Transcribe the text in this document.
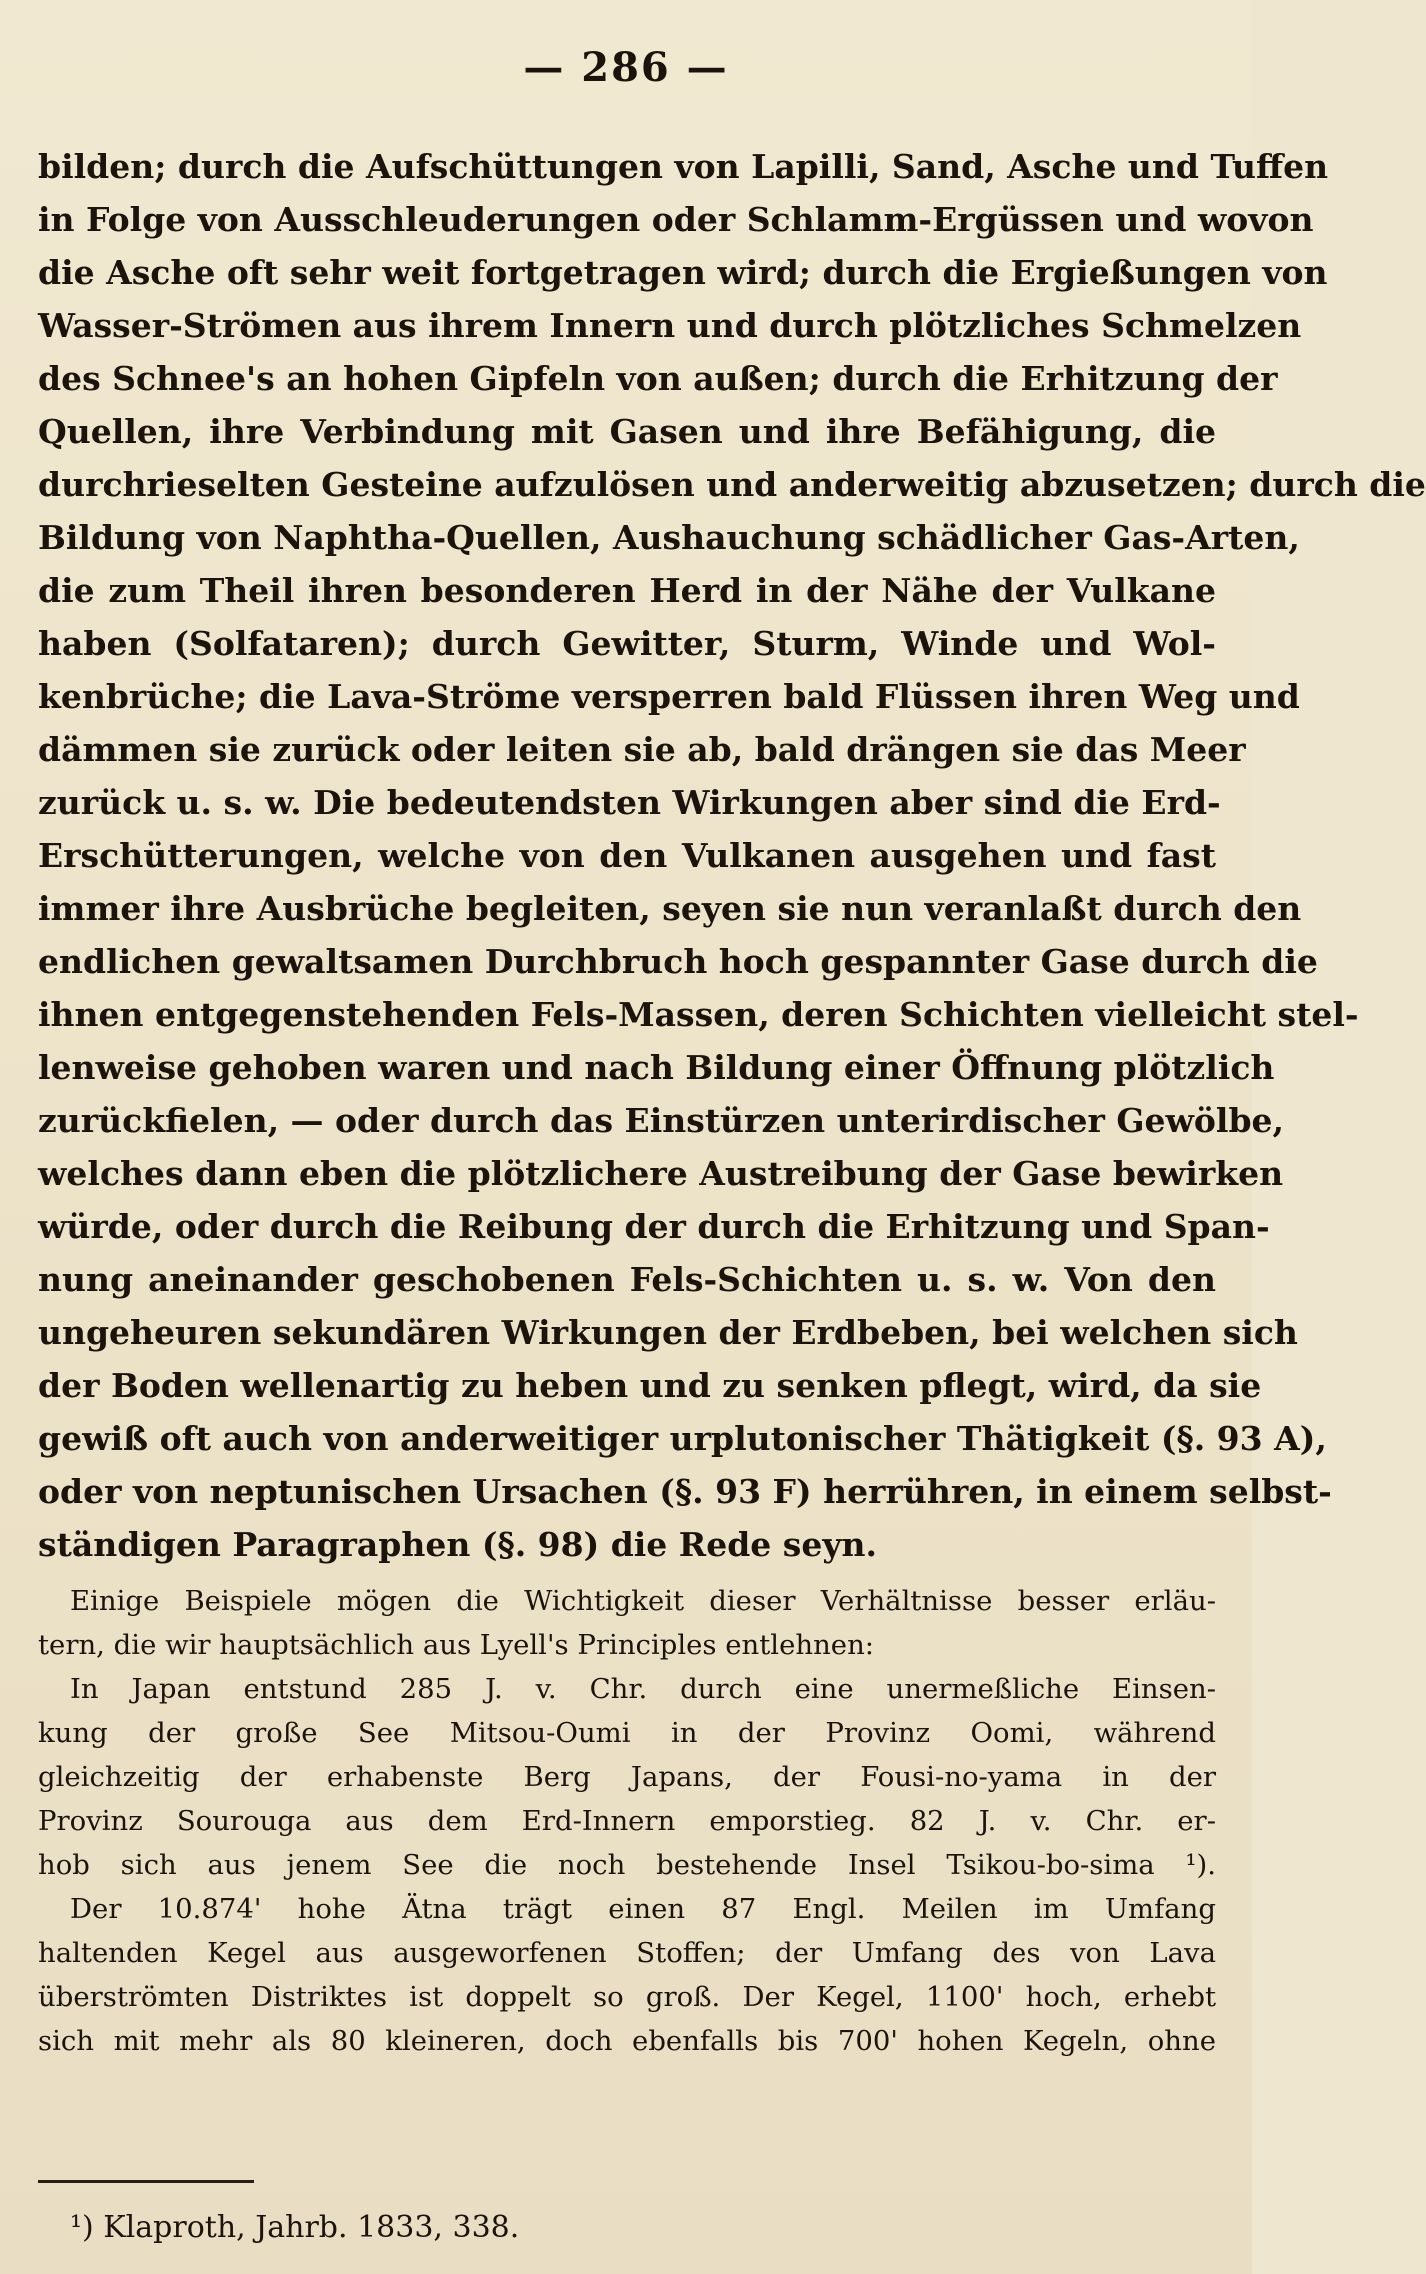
— 286 —
bilden; durch die Aufschüttungen von Lapilli, Sand, Asche und Tuffen
in Folge von Ausschleuderungen oder Schlamm-Ergüssen und wovon
die Asche oft sehr weit fortgetragen wird; durch die Ergießungen von
Wasser-Strömen aus ihrem Innern und durch plötzliches Schmelzen
des Schnee's an hohen Gipfeln von außen; durch die Erhitzung der
Quellen, ihre Verbindung mit Gasen und ihre Befähigung, die
durchrieselten Gesteine aufzulösen und anderweitig abzusetzen; durch die
Bildung von Naphtha-Quellen, Aushauchung schädlicher Gas-Arten,
die zum Theil ihren besonderen Herd in der Nähe der Vulkane
haben (Solfataren); durch Gewitter, Sturm, Winde und Wol-
kenbrüche; die Lava-Ströme versperren bald Flüssen ihren Weg und
dämmen sie zurück oder leiten sie ab, bald drängen sie das Meer
zurück u. s. w. Die bedeutendsten Wirkungen aber sind die Erd-
Erschütterungen, welche von den Vulkanen ausgehen und fast
immer ihre Ausbrüche begleiten, seyen sie nun veranlaßt durch den
endlichen gewaltsamen Durchbruch hoch gespannter Gase durch die
ihnen entgegenstehenden Fels-Massen, deren Schichten vielleicht stel-
lenweise gehoben waren und nach Bildung einer Öffnung plötzlich
zurückfielen, — oder durch das Einstürzen unterirdischer Gewölbe,
welches dann eben die plötzlichere Austreibung der Gase bewirken
würde, oder durch die Reibung der durch die Erhitzung und Span-
nung aneinander geschobenen Fels-Schichten u. s. w. Von den
ungeheuren sekundären Wirkungen der Erdbeben, bei welchen sich
der Boden wellenartig zu heben und zu senken pflegt, wird, da sie
gewiß oft auch von anderweitiger urplutonischer Thätigkeit (§. 93 A),
oder von neptunischen Ursachen (§. 93 F) herrühren, in einem selbst-
ständigen Paragraphen (§. 98) die Rede seyn.
Einige Beispiele mögen die Wichtigkeit dieser Verhältnisse besser erläu-
tern, die wir hauptsächlich aus Lyell's Principles entlehnen:
In Japan entstund 285 J. v. Chr. durch eine unermeßliche Einsen-
kung der große See Mitsou-Oumi in der Provinz Oomi, während
gleichzeitig der erhabenste Berg Japans, der Fousi-no-yama in der
Provinz Sourouga aus dem Erd-Innern emporstieg. 82 J. v. Chr. er-
hob sich aus jenem See die noch bestehende Insel Tsikou-bo-sima ¹).
Der 10.874' hohe Ätna trägt einen 87 Engl. Meilen im Umfang
haltenden Kegel aus ausgeworfenen Stoffen; der Umfang des von Lava
überströmten Distriktes ist doppelt so groß. Der Kegel, 1100' hoch, erhebt
sich mit mehr als 80 kleineren, doch ebenfalls bis 700' hohen Kegeln, ohne
¹) Klaproth, Jahrb. 1833, 338.
